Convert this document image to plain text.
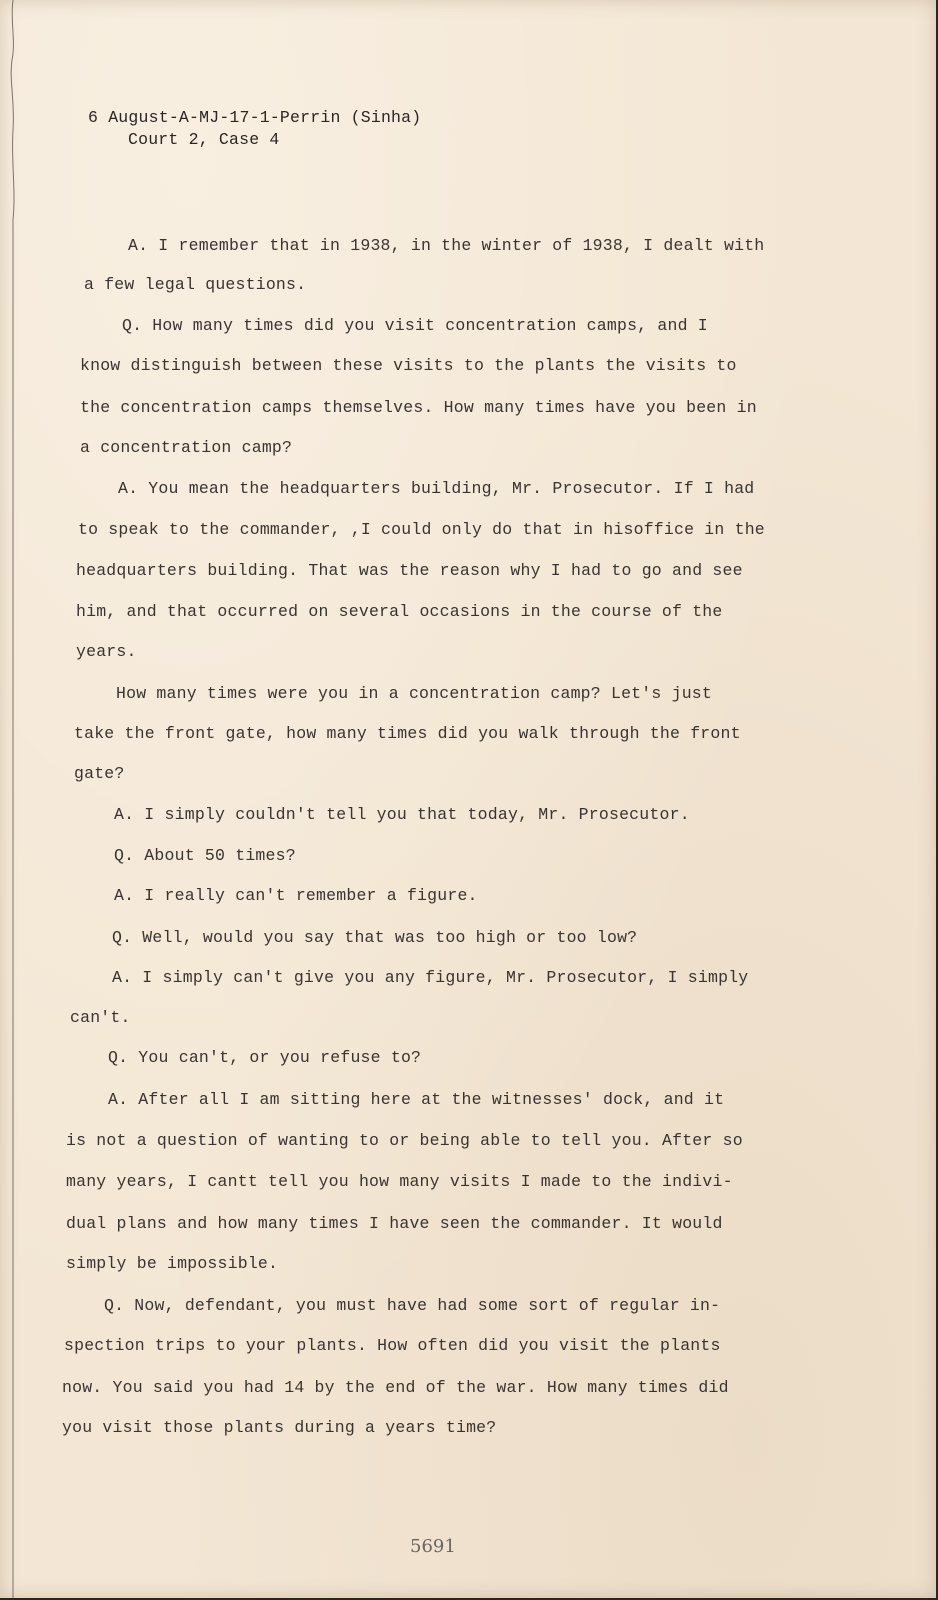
6 August-A-MJ-17-1-Perrin (Sinha)
Court 2, Case 4
A. I remember that in 1938, in the winter of 1938, I dealt with
a few legal questions.
Q. How many times did you visit concentration camps, and I
know distinguish between these visits to the plants the visits to
the concentration camps themselves. How many times have you been in
a concentration camp?
A. You mean the headquarters building, Mr. Prosecutor. If I had
to speak to the commander, ,I could only do that in hisoffice in the
headquarters building. That was the reason why I had to go and see
him, and that occurred on several occasions in the course of the
years.
How many times were you in a concentration camp? Let's just
take the front gate, how many times did you walk through the front
gate?
A. I simply couldn't tell you that today, Mr. Prosecutor.
Q. About 50 times?
A. I really can't remember a figure.
Q. Well, would you say that was too high or too low?
A. I simply can't give you any figure, Mr. Prosecutor, I simply
can't.
Q. You can't, or you refuse to?
A. After all I am sitting here at the witnesses' dock, and it
is not a question of wanting to or being able to tell you. After so
many years, I cantt tell you how many visits I made to the indivi-
dual plans and how many times I have seen the commander. It would
simply be impossible.
Q. Now, defendant, you must have had some sort of regular in-
spection trips to your plants. How often did you visit the plants
now. You said you had 14 by the end of the war. How many times did
you visit those plants during a years time?
5691
